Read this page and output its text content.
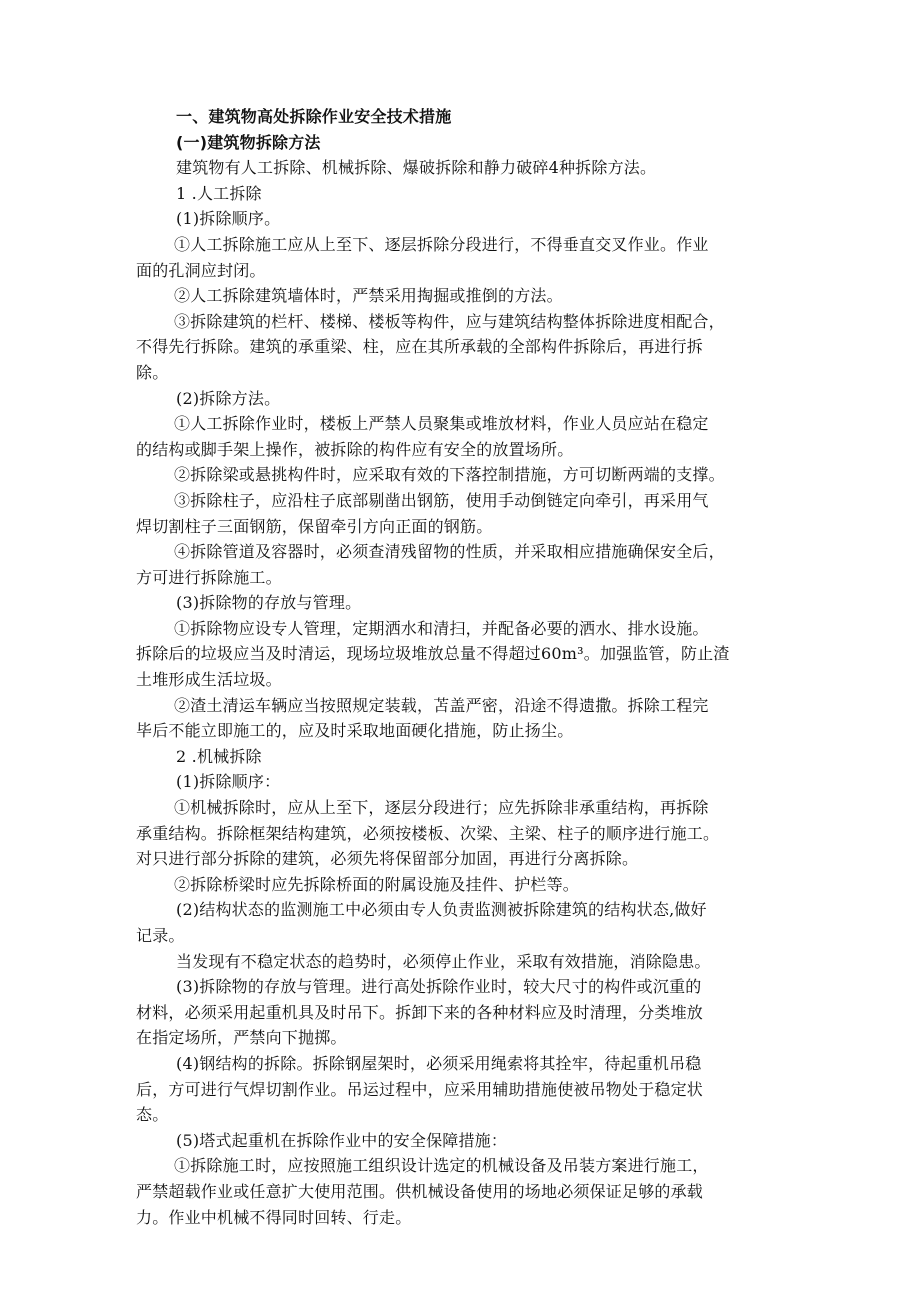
一、建筑物高处拆除作业安全技术措施

(一)建筑物拆除方法

建筑物有人工拆除、机械拆除、爆破拆除和静力破碎4种拆除方法。

1 .人工拆除

(1)拆除顺序。

①人工拆除施工应从上至下、逐层拆除分段进行，不得垂直交叉作业。作业

面的孔洞应封闭。

②人工拆除建筑墙体时，严禁采用掏掘或推倒的方法。

③拆除建筑的栏杆、楼梯、楼板等构件，应与建筑结构整体拆除进度相配合，

不得先行拆除。建筑的承重梁、柱，应在其所承载的全部构件拆除后，再进行拆

除。

(2)拆除方法。

①人工拆除作业时，楼板上严禁人员聚集或堆放材料，作业人员应站在稳定

的结构或脚手架上操作，被拆除的构件应有安全的放置场所。

②拆除梁或悬挑构件时，应采取有效的下落控制措施，方可切断两端的支撑。

③拆除柱子，应沿柱子底部剔凿出钢筋，使用手动倒链定向牵引，再采用气

焊切割柱子三面钢筋，保留牵引方向正面的钢筋。

④拆除管道及容器时，必须查清残留物的性质，并采取相应措施确保安全后，

方可进行拆除施工。

(3)拆除物的存放与管理。

①拆除物应设专人管理，定期洒水和清扫，并配备必要的洒水、排水设施。

拆除后的垃圾应当及时清运，现场垃圾堆放总量不得超过60m³。加强监管，防止渣

土堆形成生活垃圾。

②渣土清运车辆应当按照规定装载，苫盖严密，沿途不得遗撒。拆除工程完

毕后不能立即施工的，应及时采取地面硬化措施，防止扬尘。

2 .机械拆除

(1)拆除顺序：

①机械拆除时，应从上至下，逐层分段进行；应先拆除非承重结构，再拆除

承重结构。拆除框架结构建筑，必须按楼板、次梁、主梁、柱子的顺序进行施工。

对只进行部分拆除的建筑，必须先将保留部分加固，再进行分离拆除。

②拆除桥梁时应先拆除桥面的附属设施及挂件、护栏等。

(2)结构状态的监测施工中必须由专人负责监测被拆除建筑的结构状态,做好

记录。

当发现有不稳定状态的趋势时，必须停止作业，采取有效措施，消除隐患。

(3)拆除物的存放与管理。进行高处拆除作业时，较大尺寸的构件或沉重的

材料，必须采用起重机具及时吊下。拆卸下来的各种材料应及时清理，分类堆放

在指定场所，严禁向下抛掷。

(4)钢结构的拆除。拆除钢屋架时，必须采用绳索将其拴牢，待起重机吊稳

后，方可进行气焊切割作业。吊运过程中，应采用辅助措施使被吊物处于稳定状

态。

(5)塔式起重机在拆除作业中的安全保障措施：

①拆除施工时，应按照施工组织设计选定的机械设备及吊装方案进行施工，

严禁超载作业或任意扩大使用范围。供机械设备使用的场地必须保证足够的承载

力。作业中机械不得同时回转、行走。
